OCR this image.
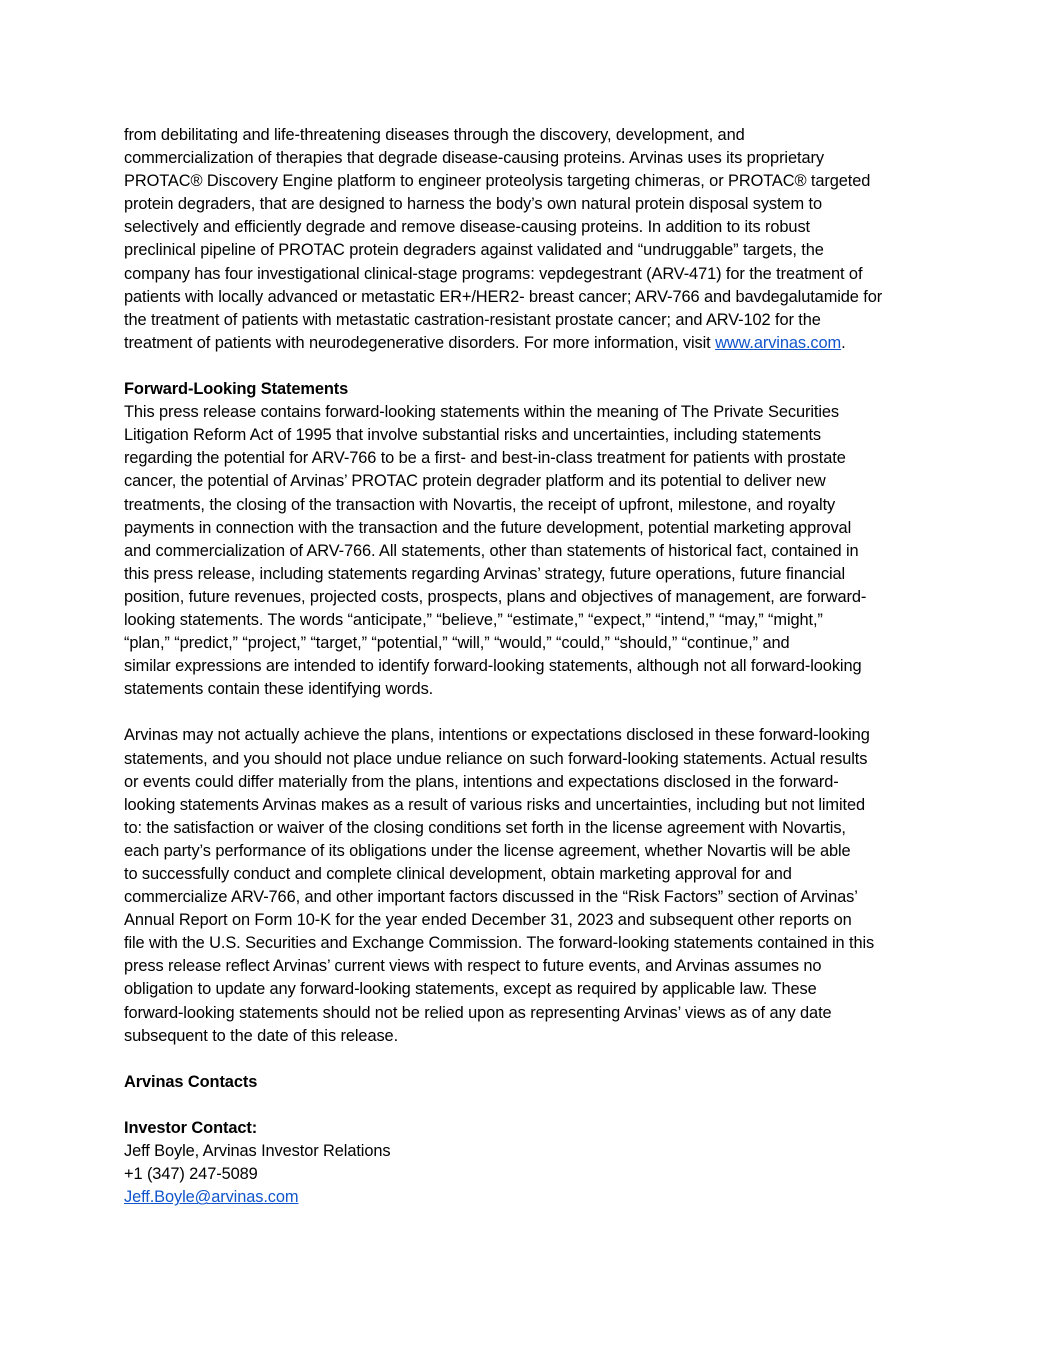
from debilitating and life-threatening diseases through the discovery, development, and
commercialization of therapies that degrade disease-causing proteins. Arvinas uses its proprietary
PROTAC® Discovery Engine platform to engineer proteolysis targeting chimeras, or PROTAC® targeted
protein degraders, that are designed to harness the body’s own natural protein disposal system to
selectively and efficiently degrade and remove disease-causing proteins. In addition to its robust
preclinical pipeline of PROTAC protein degraders against validated and “undruggable” targets, the
company has four investigational clinical-stage programs: vepdegestrant (ARV-471) for the treatment of
patients with locally advanced or metastatic ER+/HER2- breast cancer; ARV-766 and bavdegalutamide for
the treatment of patients with metastatic castration-resistant prostate cancer; and ARV-102 for the
treatment of patients with neurodegenerative disorders. For more information, visit www.arvinas.com.
Forward-Looking Statements
This press release contains forward-looking statements within the meaning of The Private Securities
Litigation Reform Act of 1995 that involve substantial risks and uncertainties, including statements
regarding the potential for ARV-766 to be a first- and best-in-class treatment for patients with prostate
cancer, the potential of Arvinas’ PROTAC protein degrader platform and its potential to deliver new
treatments, the closing of the transaction with Novartis, the receipt of upfront, milestone, and royalty
payments in connection with the transaction and the future development, potential marketing approval
and commercialization of ARV-766. All statements, other than statements of historical fact, contained in
this press release, including statements regarding Arvinas’ strategy, future operations, future financial
position, future revenues, projected costs, prospects, plans and objectives of management, are forward-
looking statements. The words “anticipate,” “believe,” “estimate,” “expect,” “intend,” “may,” “might,”
“plan,” “predict,” “project,” “target,” “potential,” “will,” “would,” “could,” “should,” “continue,” and
similar expressions are intended to identify forward-looking statements, although not all forward-looking
statements contain these identifying words.
Arvinas may not actually achieve the plans, intentions or expectations disclosed in these forward-looking
statements, and you should not place undue reliance on such forward-looking statements. Actual results
or events could differ materially from the plans, intentions and expectations disclosed in the forward-
looking statements Arvinas makes as a result of various risks and uncertainties, including but not limited
to: the satisfaction or waiver of the closing conditions set forth in the license agreement with Novartis,
each party’s performance of its obligations under the license agreement, whether Novartis will be able
to successfully conduct and complete clinical development, obtain marketing approval for and
commercialize ARV-766, and other important factors discussed in the “Risk Factors” section of Arvinas’
Annual Report on Form 10-K for the year ended December 31, 2023 and subsequent other reports on
file with the U.S. Securities and Exchange Commission. The forward-looking statements contained in this
press release reflect Arvinas’ current views with respect to future events, and Arvinas assumes no
obligation to update any forward-looking statements, except as required by applicable law. These
forward-looking statements should not be relied upon as representing Arvinas’ views as of any date
subsequent to the date of this release.
Arvinas Contacts
Investor Contact:
Jeff Boyle, Arvinas Investor Relations
+1 (347) 247-5089
Jeff.Boyle@arvinas.com
